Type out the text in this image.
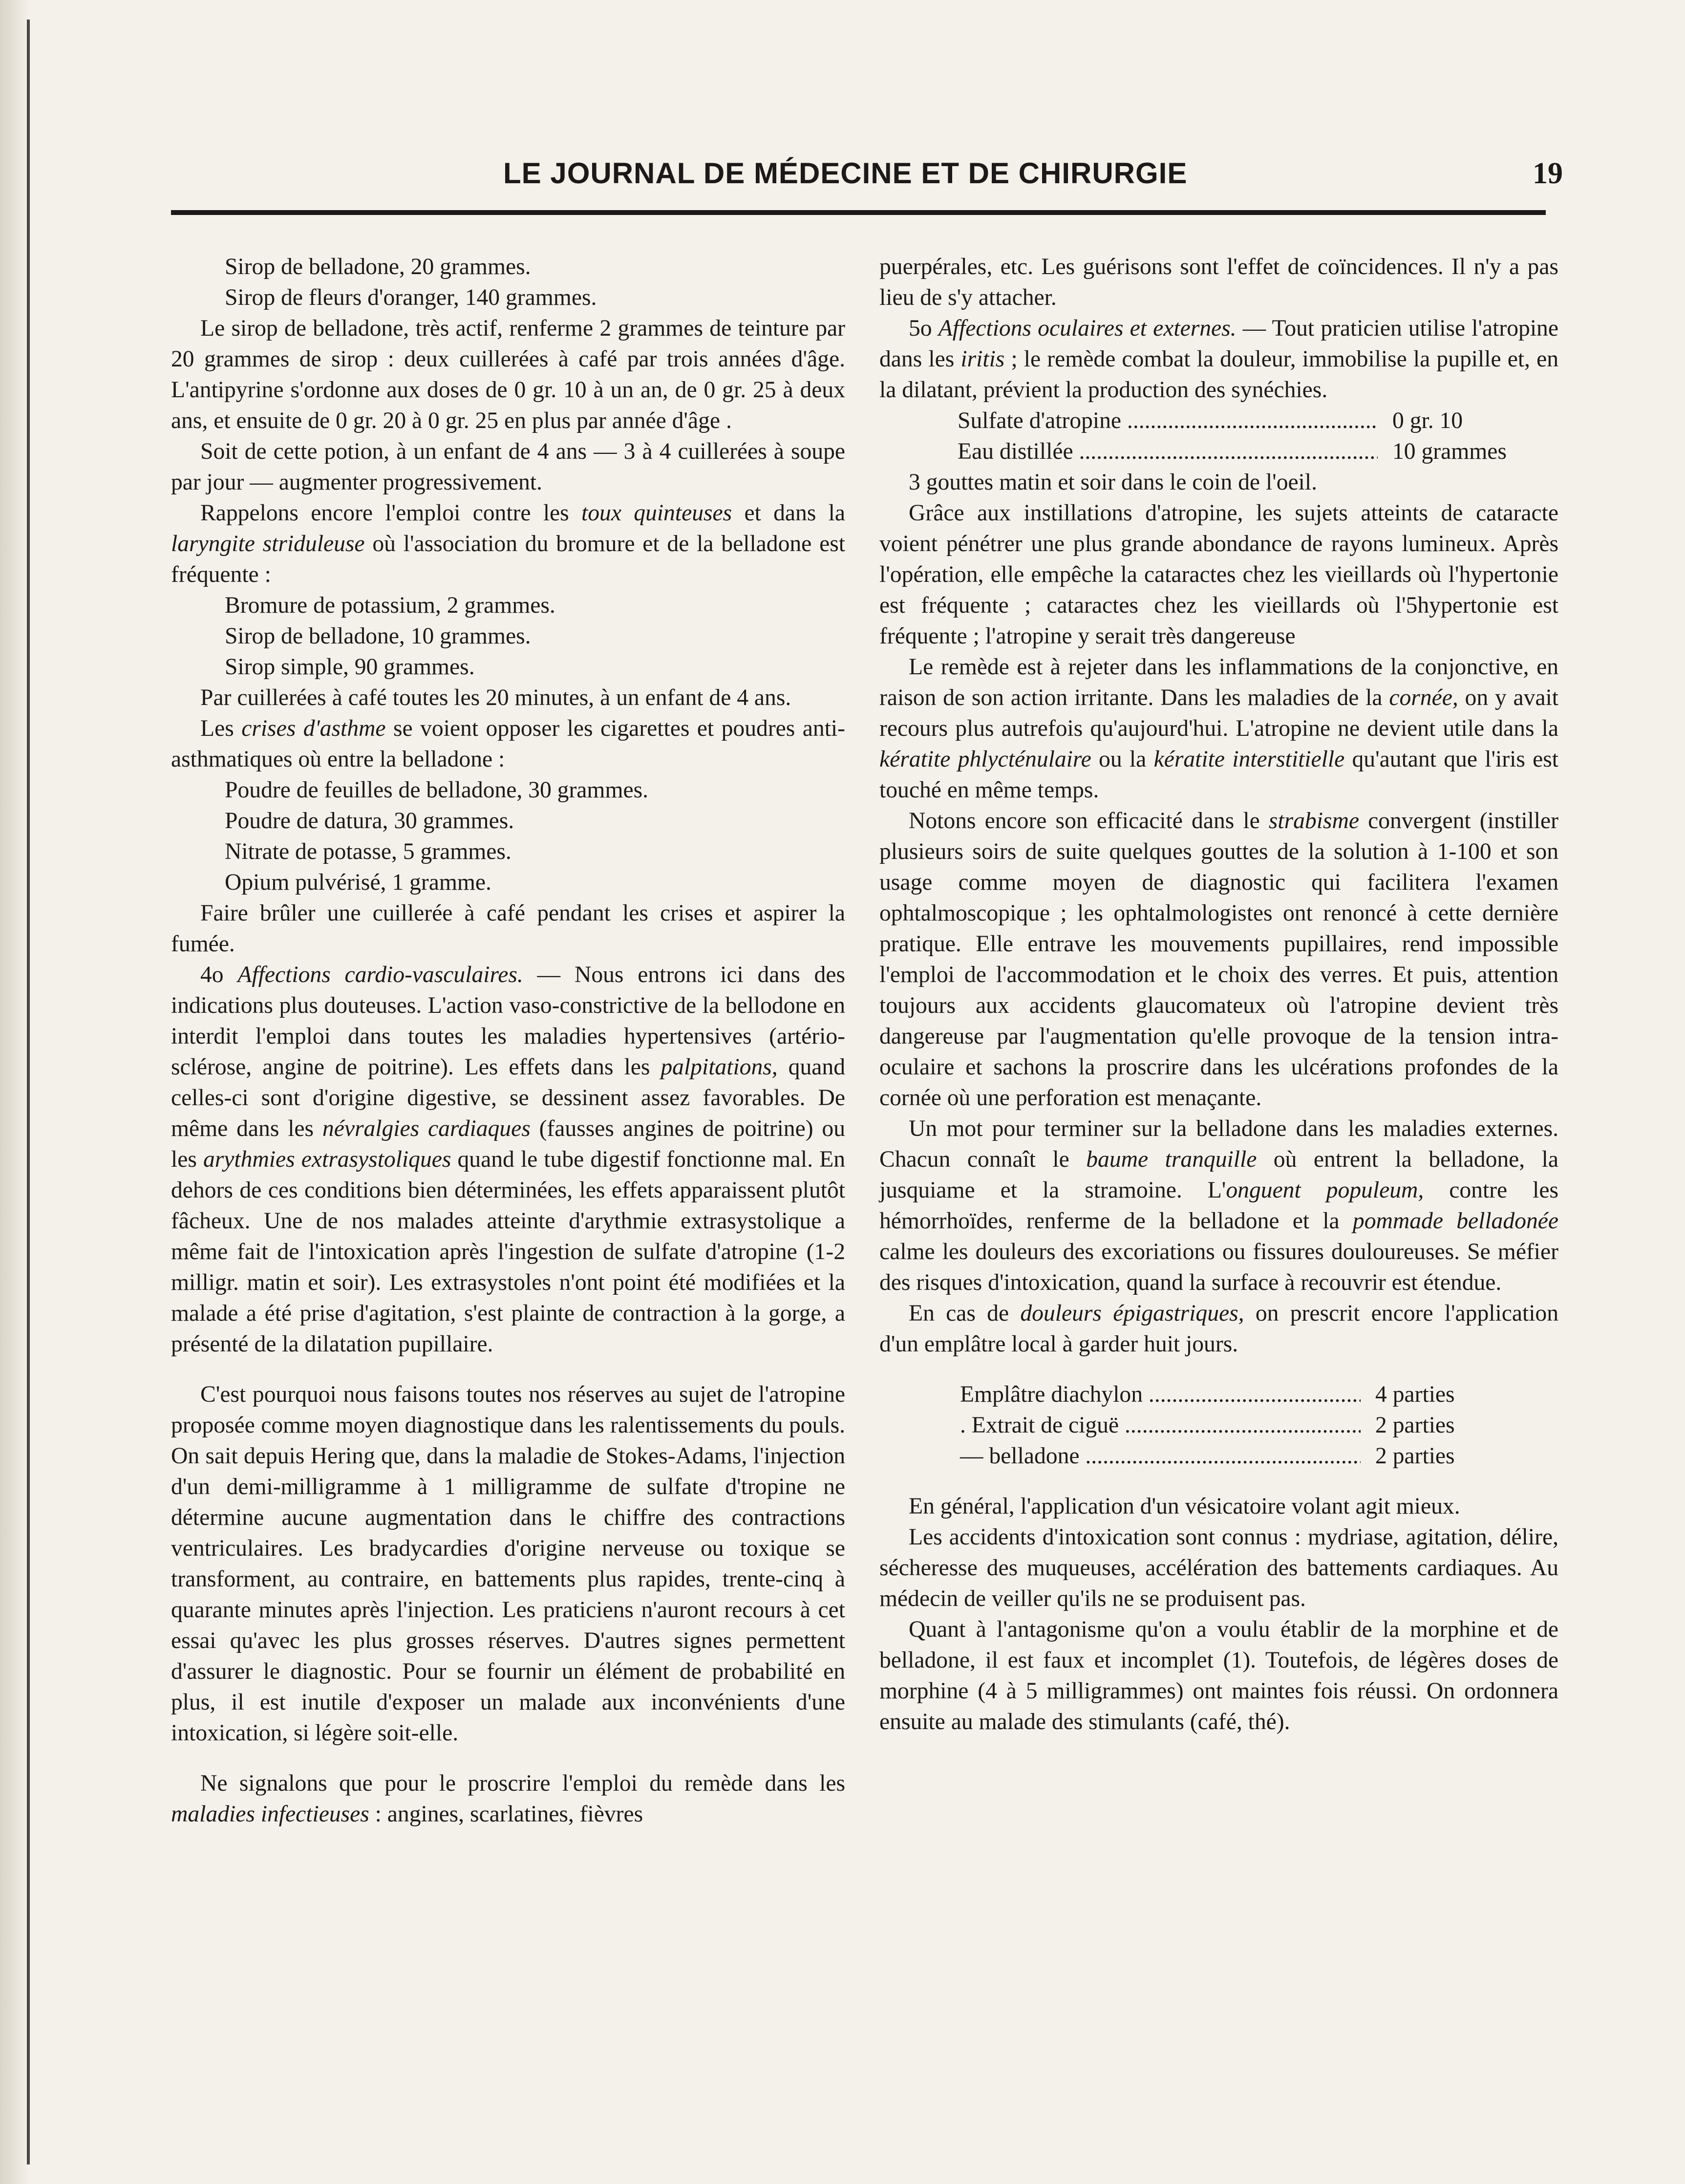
LE JOURNAL DE MÉDECINE ET DE CHIRURGIE	19

Sirop de belladone, 20 grammes.

Sirop de fleurs d'oranger, 140 grammes.

Le sirop de belladone, très actif, renferme 2 grammes de teinture par 20 grammes de sirop : deux cuillerées à café par trois années d'âge. L'antipyrine s'ordonne aux doses de 0 gr. 10 à un an, de 0 gr. 25 à deux ans, et ensuite de 0 gr. 20 à 0 gr. 25 en plus par année d'âge .

Soit de cette potion, à un enfant de 4 ans — 3 à 4 cuillerées à soupe par jour — augmenter progressivement.

Rappelons encore l'emploi contre les toux quinteuses et dans la laryngite striduleuse où l'association du bromure et de la belladone est fréquente :

Bromure de potassium, 2 grammes.

Sirop de belladone, 10 grammes.

Sirop simple, 90 grammes.

Par cuillerées à café toutes les 20 minutes, à un enfant de 4 ans.

Les crises d'asthme se voient opposer les cigarettes et poudres anti-asthmatiques où entre la belladone :

Poudre de feuilles de belladone, 30 grammes.

Poudre de datura, 30 grammes.

Nitrate de potasse, 5 grammes.

Opium pulvérisé, 1 gramme.

Faire brûler une cuillerée à café pendant les crises et aspirer la fumée.

4o Affections cardio-vasculaires. — Nous entrons ici dans des indications plus douteuses. L'action vaso-constrictive de la bellodone en interdit l'emploi dans toutes les maladies hypertensives (artério-sclérose, angine de poitrine). Les effets dans les palpitations, quand celles-ci sont d'origine digestive, se dessinent assez favorables. De même dans les névralgies cardiaques (fausses angines de poitrine) ou les arythmies extrasystoliques quand le tube digestif fonctionne mal. En dehors de ces conditions bien déterminées, les effets apparaissent plutôt fâcheux. Une de nos malades atteinte d'arythmie extrasystolique a même fait de l'intoxication après l'ingestion de sulfate d'atropine (1-2 milligr. matin et soir). Les extrasystoles n'ont point été modifiées et la malade a été prise d'agitation, s'est plainte de contraction à la gorge, a présenté de la dilatation pupillaire.

C'est pourquoi nous faisons toutes nos réserves au sujet de l'atropine proposée comme moyen diagnostique dans les ralentissements du pouls. On sait depuis Hering que, dans la maladie de Stokes-Adams, l'injection d'un demi-milligramme à 1 milligramme de sulfate d'tropine ne détermine aucune augmentation dans le chiffre des contractions ventriculaires. Les bradycardies d'origine nerveuse ou toxique se transforment, au contraire, en battements plus rapides, trente-cinq à quarante minutes après l'injection. Les praticiens n'auront recours à cet essai qu'avec les plus grosses réserves. D'autres signes permettent d'assurer le diagnostic. Pour se fournir un élément de probabilité en plus, il est inutile d'exposer un malade aux inconvénients d'une intoxication, si légère soit-elle.

Ne signalons que pour le proscrire l'emploi du remède dans les maladies infectieuses : angines, scarlatines, fièvres

puerpérales, etc. Les guérisons sont l'effet de coïncidences. Il n'y a pas lieu de s'y attacher.

5o Affections oculaires et externes. — Tout praticien utilise l'atropine dans les iritis ; le remède combat la douleur, immobilise la pupille et, en la dilatant, prévient la production des synéchies.

Sulfate d'atropine .....	0 gr. 10
Eau distillée .....	10 grammes

3 gouttes matin et soir dans le coin de l'oeil.

Grâce aux instillations d'atropine, les sujets atteints de cataracte voient pénétrer une plus grande abondance de rayons lumineux. Après l'opération, elle empêche la cataractes chez les vieillards où l'hypertonie est fréquente ; cataractes chez les vieillards où l'5hypertonie est fréquente ; l'atropine y serait très dangereuse

Le remède est à rejeter dans les inflammations de la conjonctive, en raison de son action irritante. Dans les maladies de la cornée, on y avait recours plus autrefois qu'aujourd'hui. L'atropine ne devient utile dans la kératite phlycténulaire ou la kératite interstitielle qu'autant que l'iris est touché en même temps.

Notons encore son efficacité dans le strabisme convergent (instiller plusieurs soirs de suite quelques gouttes de la solution à 1-100 et son usage comme moyen de diagnostic qui facilitera l'examen ophtalmoscopique ; les ophtalmologistes ont renoncé à cette dernière pratique. Elle entrave les mouvements pupillaires, rend impossible l'emploi de l'accommodation et le choix des verres. Et puis, attention toujours aux accidents glaucomateux où l'atropine devient très dangereuse par l'augmentation qu'elle provoque de la tension intra-oculaire et sachons la proscrire dans les ulcérations profondes de la cornée où une perforation est menaçante.

Un mot pour terminer sur la belladone dans les maladies externes. Chacun connaît le baume tranquille où entrent la belladone, la jusquiame et la stramoine. L'onguent populeum, contre les hémorrhoïdes, renferme de la belladone et la pommade belladonée calme les douleurs des excoriations ou fissures douloureuses. Se méfier des risques d'intoxication, quand la surface à recouvrir est étendue.

En cas de douleurs épigastriques, on prescrit encore l'application d'un emplâtre local à garder huit jours.

Emplâtre diachylon .....	4 parties
. Extrait de ciguë .....	2 parties
— belladone .....	2 parties

En général, l'application d'un vésicatoire volant agit mieux.

Les accidents d'intoxication sont connus : mydriase, agitation, délire, sécheresse des muqueuses, accélération des battements cardiaques. Au médecin de veiller qu'ils ne se produisent pas.

Quant à l'antagonisme qu'on a voulu établir de la morphine et de belladone, il est faux et incomplet (1). Toutefois, de légères doses de morphine (4 à 5 milligrammes) ont maintes fois réussi. On ordonnera ensuite au malade des stimulants (café, thé).
